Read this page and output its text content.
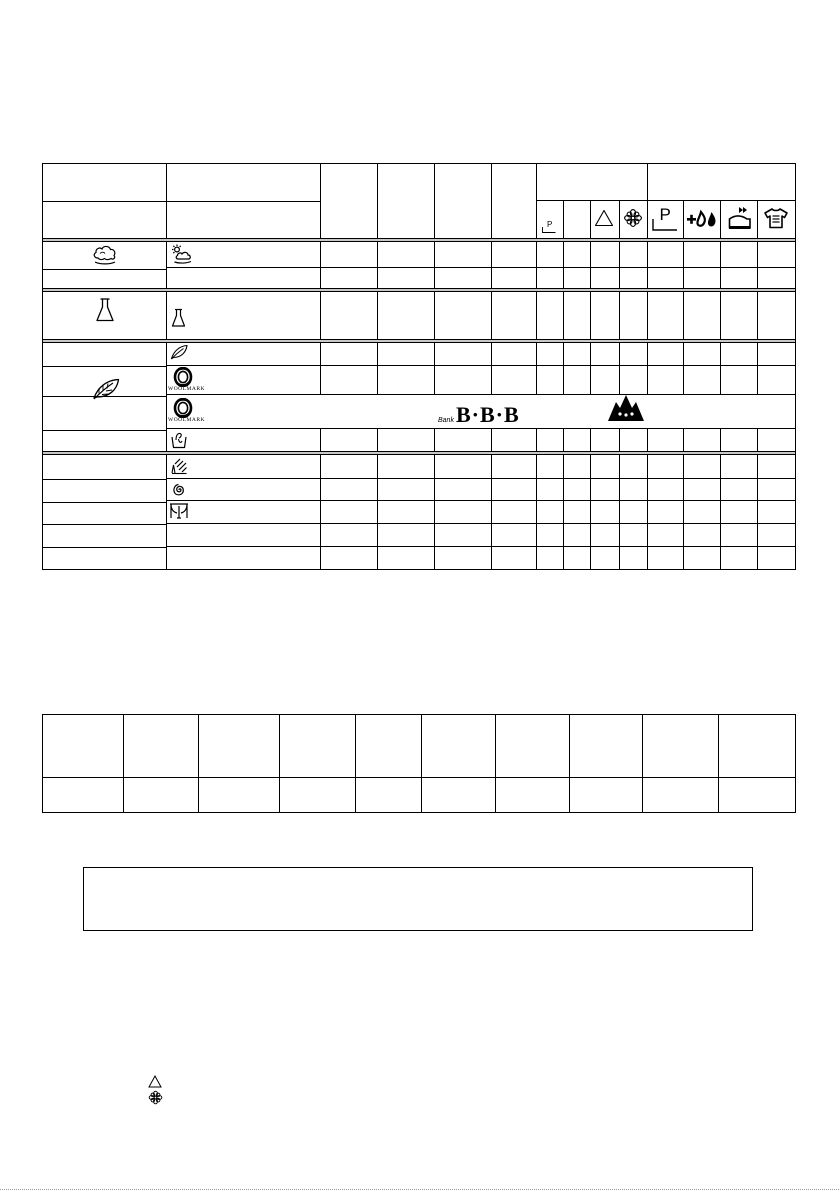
P
P
WOOLMARK
WOOLMARK	BankB·B·B
